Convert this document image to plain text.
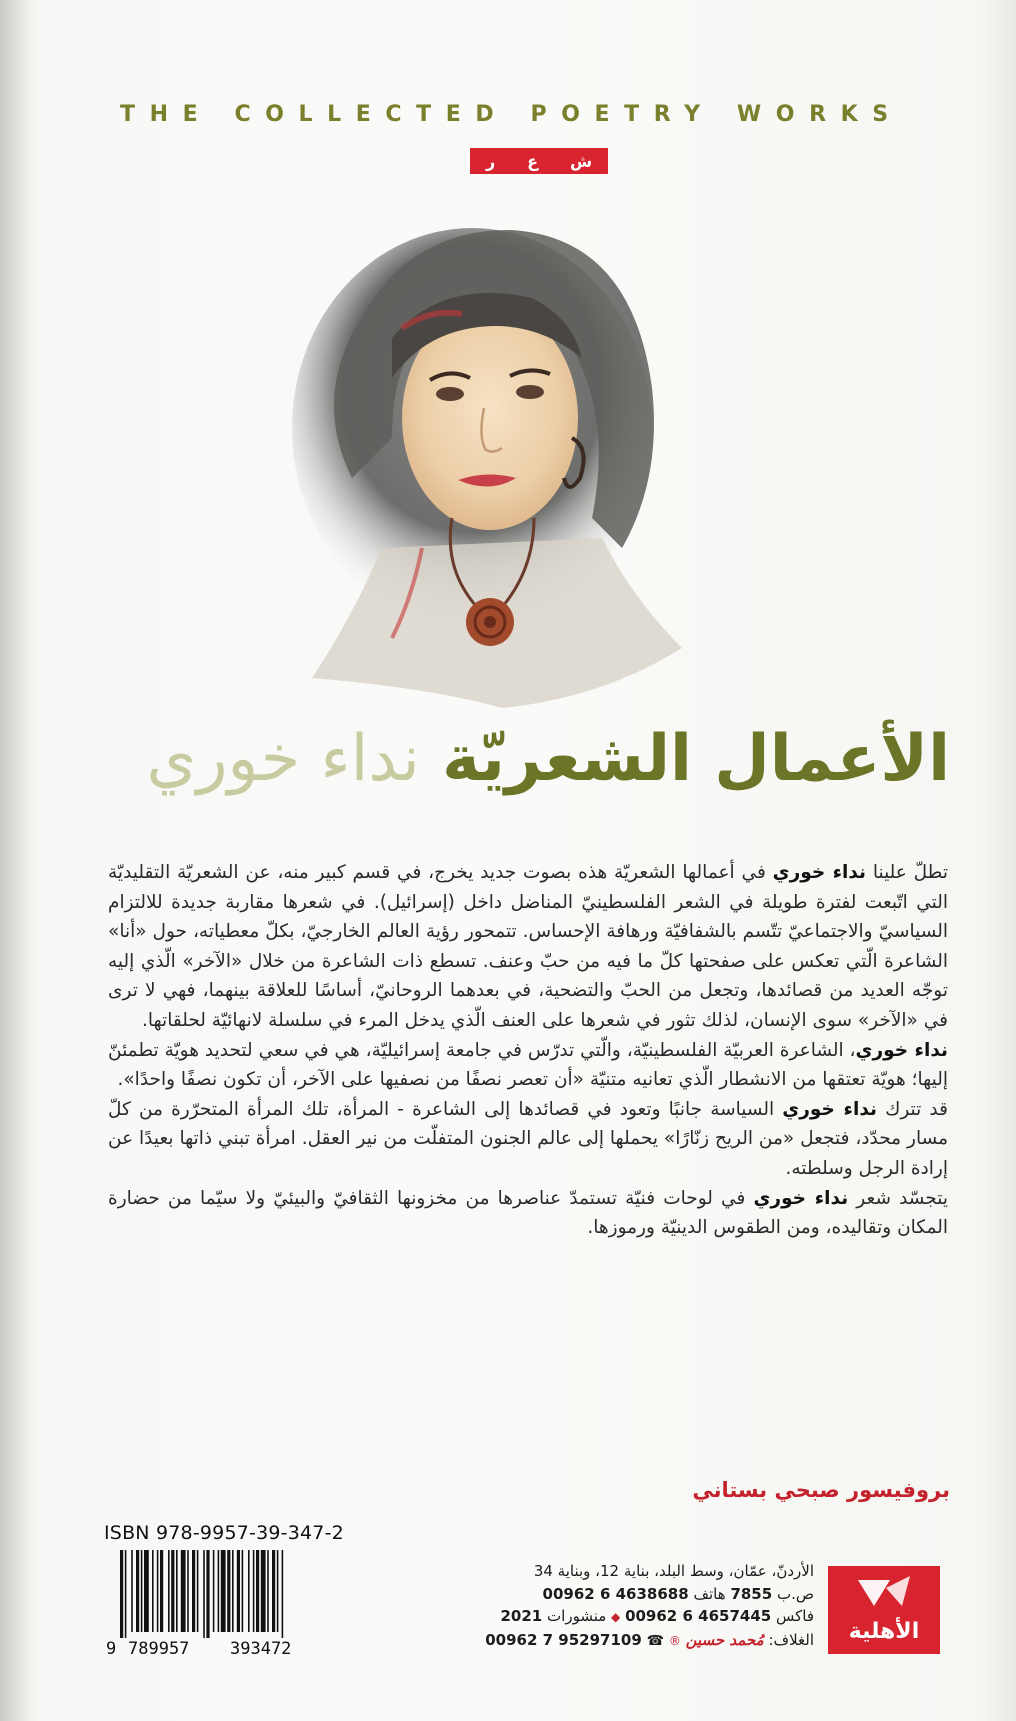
THE COLLECTED POETRY WORKS
ر ع ش
الأعمال الشعريّة نداء خوري

تطلّ علينا نداء خوري في أعمالها الشعريّة هذه بصوت جديد يخرج، في قسم كبير منه، عن الشعريّة التقليديّة التي اتّبعت لفترة طويلة في الشعر الفلسطينيّ المناضل داخل (إسرائيل). في شعرها مقاربة جديدة للالتزام السياسيّ والاجتماعيّ تتّسم بالشفافيّة ورهافة الإحساس. تتمحور رؤية العالم الخارجيّ، بكلّ معطياته، حول «أنا» الشاعرة الّتي تعكس على صفحتها كلّ ما فيه من حبّ وعنف. تسطع ذات الشاعرة من خلال «الآخر» الّذي إليه توجّه العديد من قصائدها، وتجعل من الحبّ والتضحية، في بعدهما الروحانيّ، أساسًا للعلاقة بينهما، فهي لا ترى في «الآخر» سوى الإنسان، لذلك تثور في شعرها على العنف الّذي يدخل المرء في سلسلة لانهائيّة لحلقاتها.

نداء خوري، الشاعرة العربيّة الفلسطينيّة، والّتي تدرّس في جامعة إسرائيليّة، هي في سعي لتحديد هويّة تطمئنّ إليها؛ هويّة تعتقها من الانشطار الّذي تعانيه متنيّة «أن تعصر نصفًا من نصفيها على الآخر، أن تكون نصفًا واحدًا».

قد تترك نداء خوري السياسة جانبًا وتعود في قصائدها إلى الشاعرة - المرأة، تلك المرأة المتحرّرة من كلّ مسار محدّد، فتجعل «من الريح زنّارًا» يحملها إلى عالم الجنون المتفلّت من نير العقل. امرأة تبني ذاتها بعيدًا عن إرادة الرجل وسلطته.

يتجسّد شعر نداء خوري في لوحات فنيّة تستمدّ عناصرها من مخزونها الثقافيّ والبيئيّ ولا سيّما من حضارة المكان وتقاليده، ومن الطقوس الدينيّة ورموزها.

بروفيسور صبحي بستاني
ISBN 978-9957-39-347-2
9 789957 393472
الأردنّ، عمّان، وسط البلد، بناية 12، وبناية 34
ص.ب 7855 هاتف 00962 6 4638688
فاكس 00962 6 4657445 ◆ منشورات 2021
الغلاف: مُحمد حسين ® ☎ 00962 7 95297109	الأهلية
